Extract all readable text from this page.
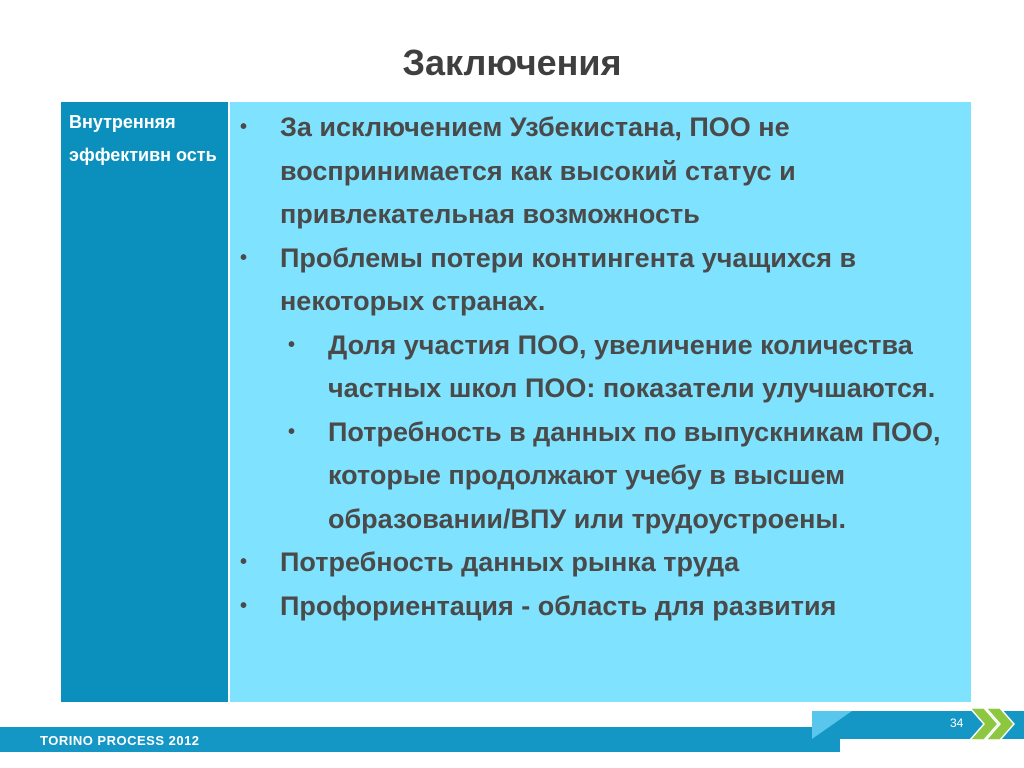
Заключения
Внутренняя эффективн ость
•	За исключением Узбекистана, ПОО не воспринимается как высокий статус и привлекательная возможность
•	Проблемы потери контингента учащихся в некоторых странах.
•	Доля участия ПОО, увеличение количества частных школ ПОО: показатели улучшаются.
•	Потребность в данных по выпускникам ПОО, которые продолжают учебу в высшем образовании/ВПУ или трудоустроены.
•	Потребность данных рынка труда
•	Профориентация - область для развития
TORINO PROCESS 2012
34
